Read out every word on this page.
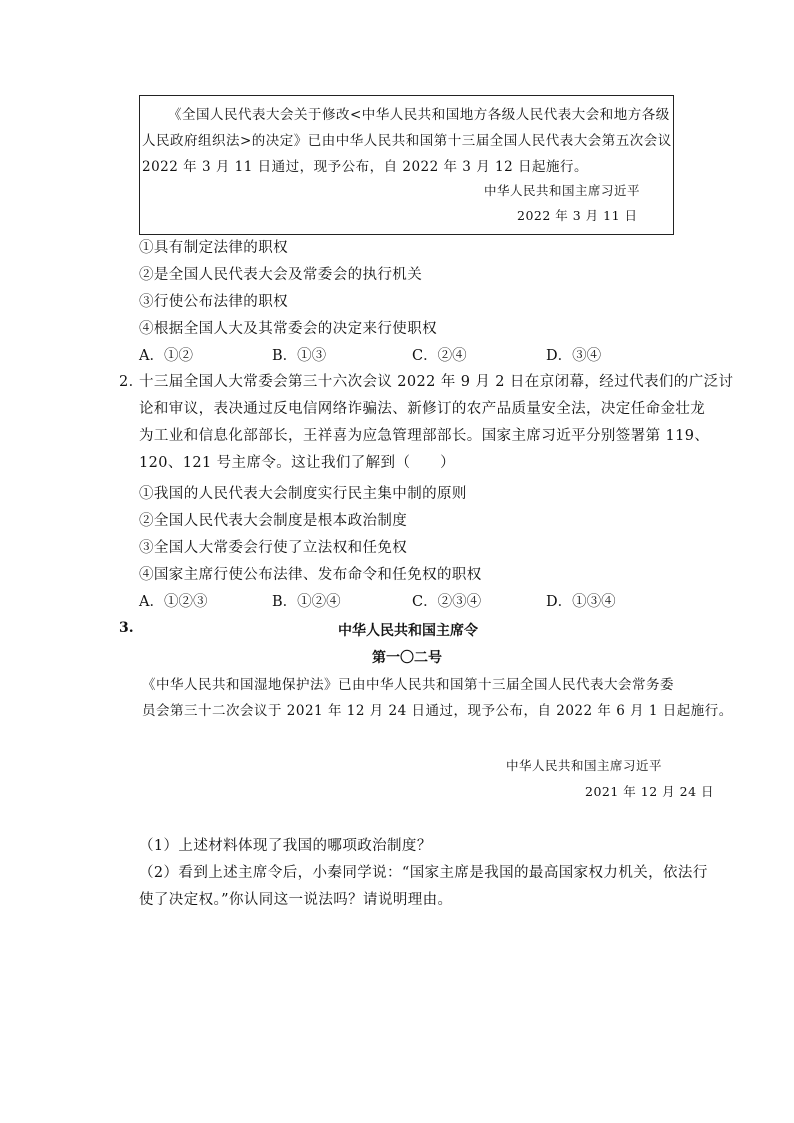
《全国人民代表大会关于修改<中华人民共和国地方各级人民代表大会和地方各级
人民政府组织法>的决定》已由中华人民共和国第十三届全国人民代表大会第五次会议
2022 年 3 月 11 日通过，现予公布，自 2022 年 3 月 12 日起施行。
中华人民共和国主席习近平
2022 年 3 月 11 日
①具有制定法律的职权
②是全国人民代表大会及常委会的执行机关
③行使公布法律的职权
④根据全国人大及其常委会的决定来行使职权
A．①②	B．①③	C．②④	D．③④
2．
十三届全国人大常委会第三十六次会议 2022 年 9 月 2 日在京闭幕，经过代表们的广泛讨
论和审议，表决通过反电信网络诈骗法、新修订的农产品质量安全法，决定任命金壮龙
为工业和信息化部部长，王祥喜为应急管理部部长。国家主席习近平分别签署第 119、
120、121 号主席令。这让我们了解到（　　）
①我国的人民代表大会制度实行民主集中制的原则
②全国人民代表大会制度是根本政治制度
③全国人大常委会行使了立法权和任免权
④国家主席行使公布法律、发布命令和任免权的职权
A．①②③	B．①②④	C．②③④	D．①③④
3.	中华人民共和国主席令
第一〇二号
《中华人民共和国湿地保护法》已由中华人民共和国第十三届全国人民代表大会常务委
员会第三十二次会议于 2021 年 12 月 24 日通过，现予公布，自 2022 年 6 月 1 日起施行。
中华人民共和国主席习近平
2021 年 12 月 24 日
（1）上述材料体现了我国的哪项政治制度？
（2）看到上述主席令后，小秦同学说：“国家主席是我国的最高国家权力机关，依法行
使了决定权。”你认同这一说法吗？请说明理由。
